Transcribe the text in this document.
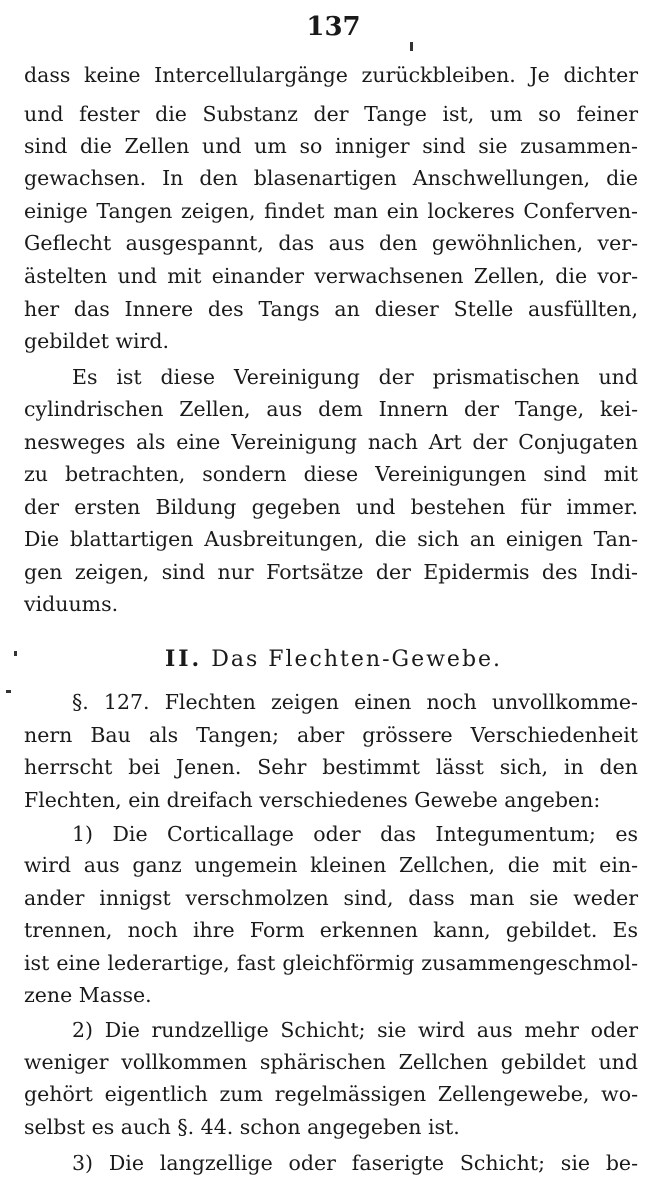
137
dass keine Intercellulargänge zurückbleiben. Je dichter
und fester die Substanz der Tange ist, um so feiner
sind die Zellen und um so inniger sind sie zusammen-
gewachsen. In den blasenartigen Anschwellungen, die
einige Tangen zeigen, findet man ein lockeres Conferven-
Geflecht ausgespannt, das aus den gewöhnlichen, ver-
ästelten und mit einander verwachsenen Zellen, die vor-
her das Innere des Tangs an dieser Stelle ausfüllten,
gebildet wird.
Es ist diese Vereinigung der prismatischen und
cylindrischen Zellen, aus dem Innern der Tange, kei-
nesweges als eine Vereinigung nach Art der Conjugaten
zu betrachten, sondern diese Vereinigungen sind mit
der ersten Bildung gegeben und bestehen für immer.
Die blattartigen Ausbreitungen, die sich an einigen Tan-
gen zeigen, sind nur Fortsätze der Epidermis des Indi-
viduums.
II. Das Flechten-Gewebe.
§. 127. Flechten zeigen einen noch unvollkomme-
nern Bau als Tangen; aber grössere Verschiedenheit
herrscht bei Jenen. Sehr bestimmt lässt sich, in den
Flechten, ein dreifach verschiedenes Gewebe angeben:
1) Die Corticallage oder das Integumentum; es
wird aus ganz ungemein kleinen Zellchen, die mit ein-
ander innigst verschmolzen sind, dass man sie weder
trennen, noch ihre Form erkennen kann, gebildet. Es
ist eine lederartige, fast gleichförmig zusammengeschmol-
zene Masse.
2) Die rundzellige Schicht; sie wird aus mehr oder
weniger vollkommen sphärischen Zellchen gebildet und
gehört eigentlich zum regelmässigen Zellengewebe, wo-
selbst es auch §. 44. schon angegeben ist.
3) Die langzellige oder faserigte Schicht; sie be-
